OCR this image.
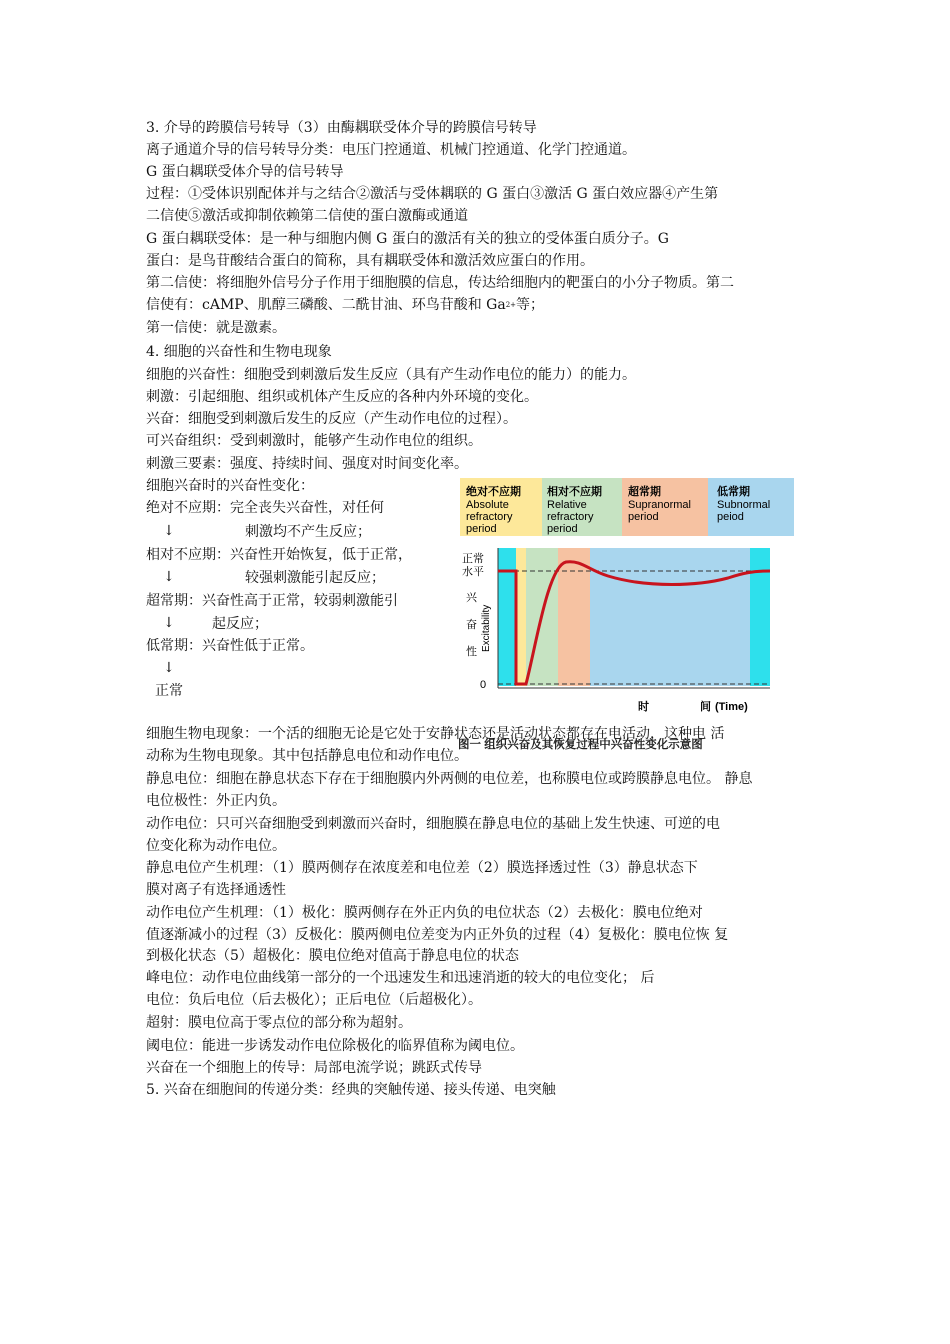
3. 介导的跨膜信号转导（3）由酶耦联受体介导的跨膜信号转导
离子通道介导的信号转导分类：电压门控通道、机械门控通道、化学门控通道。
G 蛋白耦联受体介导的信号转导
过程：①受体识别配体并与之结合②激活与受体耦联的 G 蛋白③激活 G 蛋白效应器④产生第
二信使⑤激活或抑制依赖第二信使的蛋白激酶或通道
G 蛋白耦联受体：是一种与细胞内侧 G 蛋白的激活有关的独立的受体蛋白质分子。G
蛋白：是鸟苷酸结合蛋白的简称，具有耦联受体和激活效应蛋白的作用。
第二信使：将细胞外信号分子作用于细胞膜的信息，传达给细胞内的靶蛋白的小分子物质。第二
信使有：cAMP、肌醇三磷酸、二酰甘油、环鸟苷酸和 $Ga^{2+}$等；
第一信使：就是激素。
4. 细胞的兴奋性和生物电现象
细胞的兴奋性：细胞受到刺激后发生反应（具有产生动作电位的能力）的能力。
刺激：引起细胞、组织或机体产生反应的各种内外环境的变化。
兴奋：细胞受到刺激后发生的反应（产生动作电位的过程）。
可兴奋组织：受到刺激时，能够产生动作电位的组织。
刺激三要素：强度、持续时间、强度对时间变化率。
细胞兴奋时的兴奋性变化：
绝对不应期：完全丧失兴奋性，对任何
↓	刺激均不产生反应；
相对不应期：兴奋性开始恢复，低于正常，
↓	较强刺激能引起反应；
超常期：兴奋性高于正常，较弱刺激能引
↓	起反应；
低常期：兴奋性低于正常。
↓
正常
绝对不应期
Absolute
refractory
period
相对不应期
Relative
refractory
period
超常期
Supranormal
period
低常期
Subnormal
peiod
正常
水平
兴
奋
性 Excitability
0
时	间 (Time)
图一 组织兴奋及其恢复过程中兴奋性变化示意图
细胞生物电现象：一个活的细胞无论是它处于安静状态还是活动状态都存在电活动，这种电 活
动称为生物电现象。其中包括静息电位和动作电位。
静息电位：细胞在静息状态下存在于细胞膜内外两侧的电位差，也称膜电位或跨膜静息电位。 静息
电位极性：外正内负。
动作电位：只可兴奋细胞受到刺激而兴奋时，细胞膜在静息电位的基础上发生快速、可逆的电
位变化称为动作电位。
静息电位产生机理：（1）膜两侧存在浓度差和电位差（2）膜选择透过性（3）静息状态下
膜对离子有选择通透性
动作电位产生机理：（1）极化：膜两侧存在外正内负的电位状态（2）去极化：膜电位绝对
值逐渐减小的过程（3）反极化：膜两侧电位差变为内正外负的过程（4）复极化：膜电位恢 复
到极化状态（5）超极化：膜电位绝对值高于静息电位的状态
峰电位：动作电位曲线第一部分的一个迅速发生和迅速消逝的较大的电位变化； 后
电位：负后电位（后去极化）；正后电位（后超极化）。
超射：膜电位高于零点位的部分称为超射。
阈电位：能进一步诱发动作电位除极化的临界值称为阈电位。
兴奋在一个细胞上的传导：局部电流学说；跳跃式传导
5. 兴奋在细胞间的传递分类：经典的突触传递、接头传递、电突触
